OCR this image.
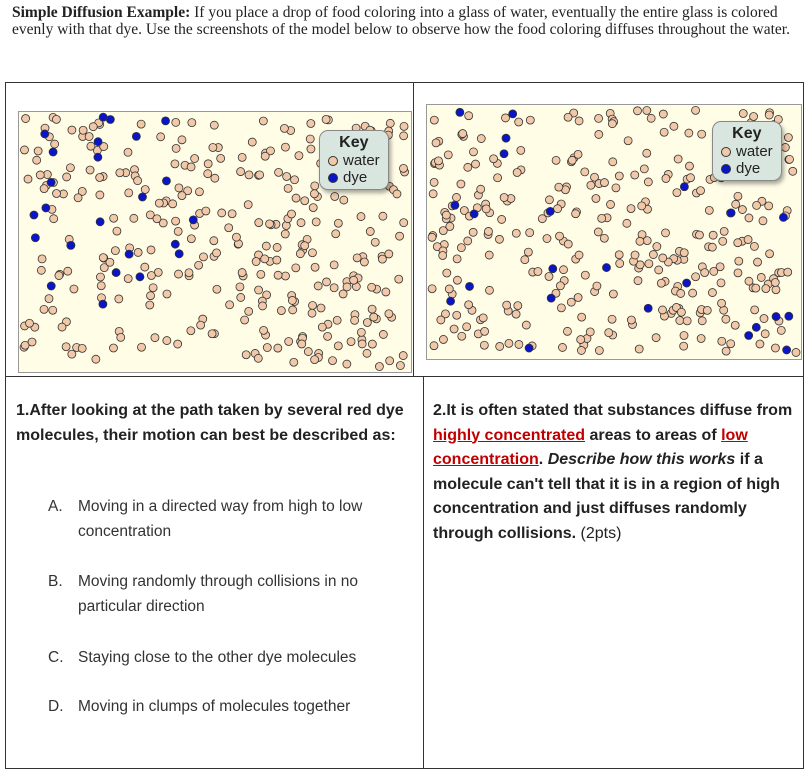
Simple Diffusion Example: If you place a drop of food coloring into a glass of water, eventually the entire glass is colored evenly with that dye. Use the screenshots of the model below to observe how the food coloring diffuses throughout the water.
Key
water
dye
Key
water
dye
1.After looking at the path taken by several red dye molecules, their motion can best be described as:
A. Moving in a directed way from high to low concentration
B. Moving randomly through collisions in no particular direction
C. Staying close to the other dye molecules
D. Moving in clumps of molecules together
2.It is often stated that substances diffuse from highly concentrated areas to areas of low concentration. Describe how this works if a molecule can't tell that it is in a region of high concentration and just diffuses randomly through collisions. (2pts)
